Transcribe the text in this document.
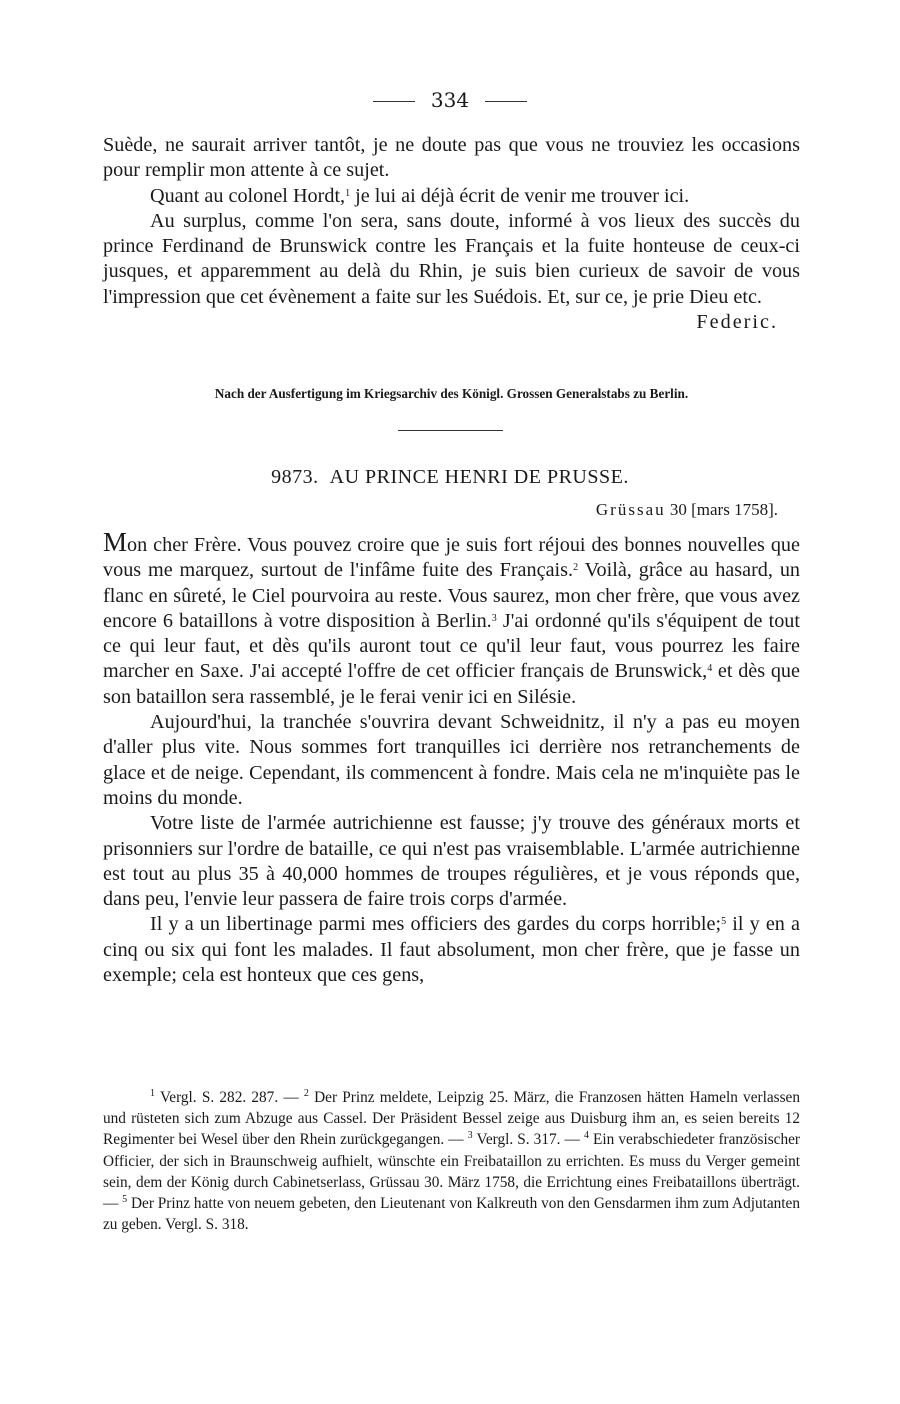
334

Suède, ne saurait arriver tantôt, je ne doute pas que vous ne trouviez les occasions pour remplir mon attente à ce sujet.

Quant au colonel Hordt,$^1$ je lui ai déjà écrit de venir me trouver ici.

Au surplus, comme l'on sera, sans doute, informé à vos lieux des succès du prince Ferdinand de Brunswick contre les Français et la fuite honteuse de ceux-ci jusques, et apparemment au delà du Rhin, je suis bien curieux de savoir de vous l'impression que cet évènement a faite sur les Suédois. Et, sur ce, je prie Dieu etc.

Federic.

Nach der Ausfertigung im Kriegsarchiv des Königl. Grossen Generalstabs zu Berlin.
9873. AU PRINCE HENRI DE PRUSSE.
Grüssau 30 [mars 1758].

Mon cher Frère. Vous pouvez croire que je suis fort réjoui des bonnes nouvelles que vous me marquez, surtout de l'infâme fuite des Français.$^2$ Voilà, grâce au hasard, un flanc en sûreté, le Ciel pourvoira au reste. Vous saurez, mon cher frère, que vous avez encore 6 bataillons à votre disposition à Berlin.$^3$ J'ai ordonné qu'ils s'équipent de tout ce qui leur faut, et dès qu'ils auront tout ce qu'il leur faut, vous pourrez les faire marcher en Saxe. J'ai accepté l'offre de cet officier français de Brunswick,$^4$ et dès que son bataillon sera rassemblé, je le ferai venir ici en Silésie.

Aujourd'hui, la tranchée s'ouvrira devant Schweidnitz, il n'y a pas eu moyen d'aller plus vite. Nous sommes fort tranquilles ici derrière nos retranchements de glace et de neige. Cependant, ils commencent à fondre. Mais cela ne m'inquiète pas le moins du monde.

Votre liste de l'armée autrichienne est fausse; j'y trouve des généraux morts et prisonniers sur l'ordre de bataille, ce qui n'est pas vraisemblable. L'armée autrichienne est tout au plus 35 à 40,000 hommes de troupes régulières, et je vous réponds que, dans peu, l'envie leur passera de faire trois corps d'armée.

Il y a un libertinage parmi mes officiers des gardes du corps horrible;$^5$ il y en a cinq ou six qui font les malades. Il faut absolument, mon cher frère, que je fasse un exemple; cela est honteux que ces gens,

$^1$ Vergl. S. 282. 287. — $^2$ Der Prinz meldete, Leipzig 25. März, die Franzosen hätten Hameln verlassen und rüsteten sich zum Abzuge aus Cassel. Der Präsident Bessel zeige aus Duisburg ihm an, es seien bereits 12 Regimenter bei Wesel über den Rhein zurückgegangen. — $^3$ Vergl. S. 317. — $^4$ Ein verabschiedeter französischer Officier, der sich in Braunschweig aufhielt, wünschte ein Freibataillon zu errichten. Es muss du Verger gemeint sein, dem der König durch Cabinetserlass, Grüssau 30. März 1758, die Errichtung eines Freibataillons überträgt. — $^5$ Der Prinz hatte von neuem gebeten, den Lieutenant von Kalkreuth von den Gensdarmen ihm zum Adjutanten zu geben. Vergl. S. 318.
